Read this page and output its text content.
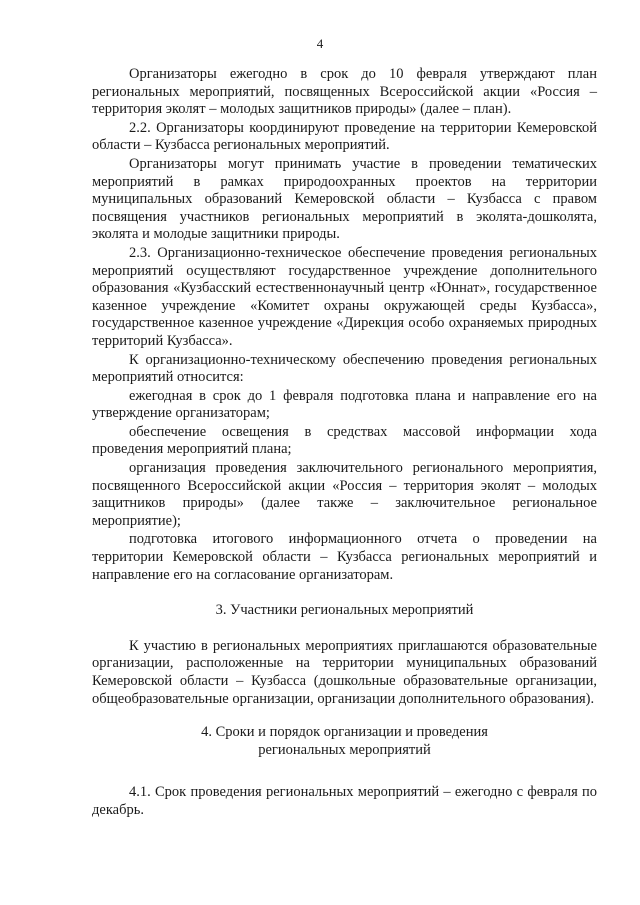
4

Организаторы ежегодно в срок до 10 февраля утверждают план региональных мероприятий, посвященных Всероссийской акции «Россия – территория эколят – молодых защитников природы» (далее – план).

2.2. Организаторы координируют проведение на территории Кемеровской области – Кузбасса региональных мероприятий.

Организаторы могут принимать участие в проведении тематических мероприятий в рамках природоохранных проектов на территории муниципальных образований Кемеровской области – Кузбасса с правом посвящения участников региональных мероприятий в эколята-дошколята, эколята и молодые защитники природы.

2.3. Организационно-техническое обеспечение проведения региональных мероприятий осуществляют государственное учреждение дополнительного образования «Кузбасский естественнонаучный центр «Юннат», государственное казенное учреждение «Комитет охраны окружающей среды Кузбасса», государственное казенное учреждение «Дирекция особо охраняемых природных территорий Кузбасса».

К организационно-техническому обеспечению проведения региональных мероприятий относится:

ежегодная в срок до 1 февраля подготовка плана и направление его на утверждение организаторам;

обеспечение освещения в средствах массовой информации хода проведения мероприятий плана;

организация проведения заключительного регионального мероприятия, посвященного Всероссийской акции «Россия – территория эколят – молодых защитников природы» (далее также – заключительное региональное мероприятие);

подготовка итогового информационного отчета о проведении на территории Кемеровской области – Кузбасса региональных мероприятий и направление его на согласование организаторам.

3. Участники региональных мероприятий

К участию в региональных мероприятиях приглашаются образовательные организации, расположенные на территории муниципальных образований Кемеровской области – Кузбасса (дошкольные образовательные организации, общеобразовательные организации, организации дополнительного образования).

4. Сроки и порядок организации и проведения
региональных мероприятий

4.1. Срок проведения региональных мероприятий – ежегодно с февраля по декабрь.
